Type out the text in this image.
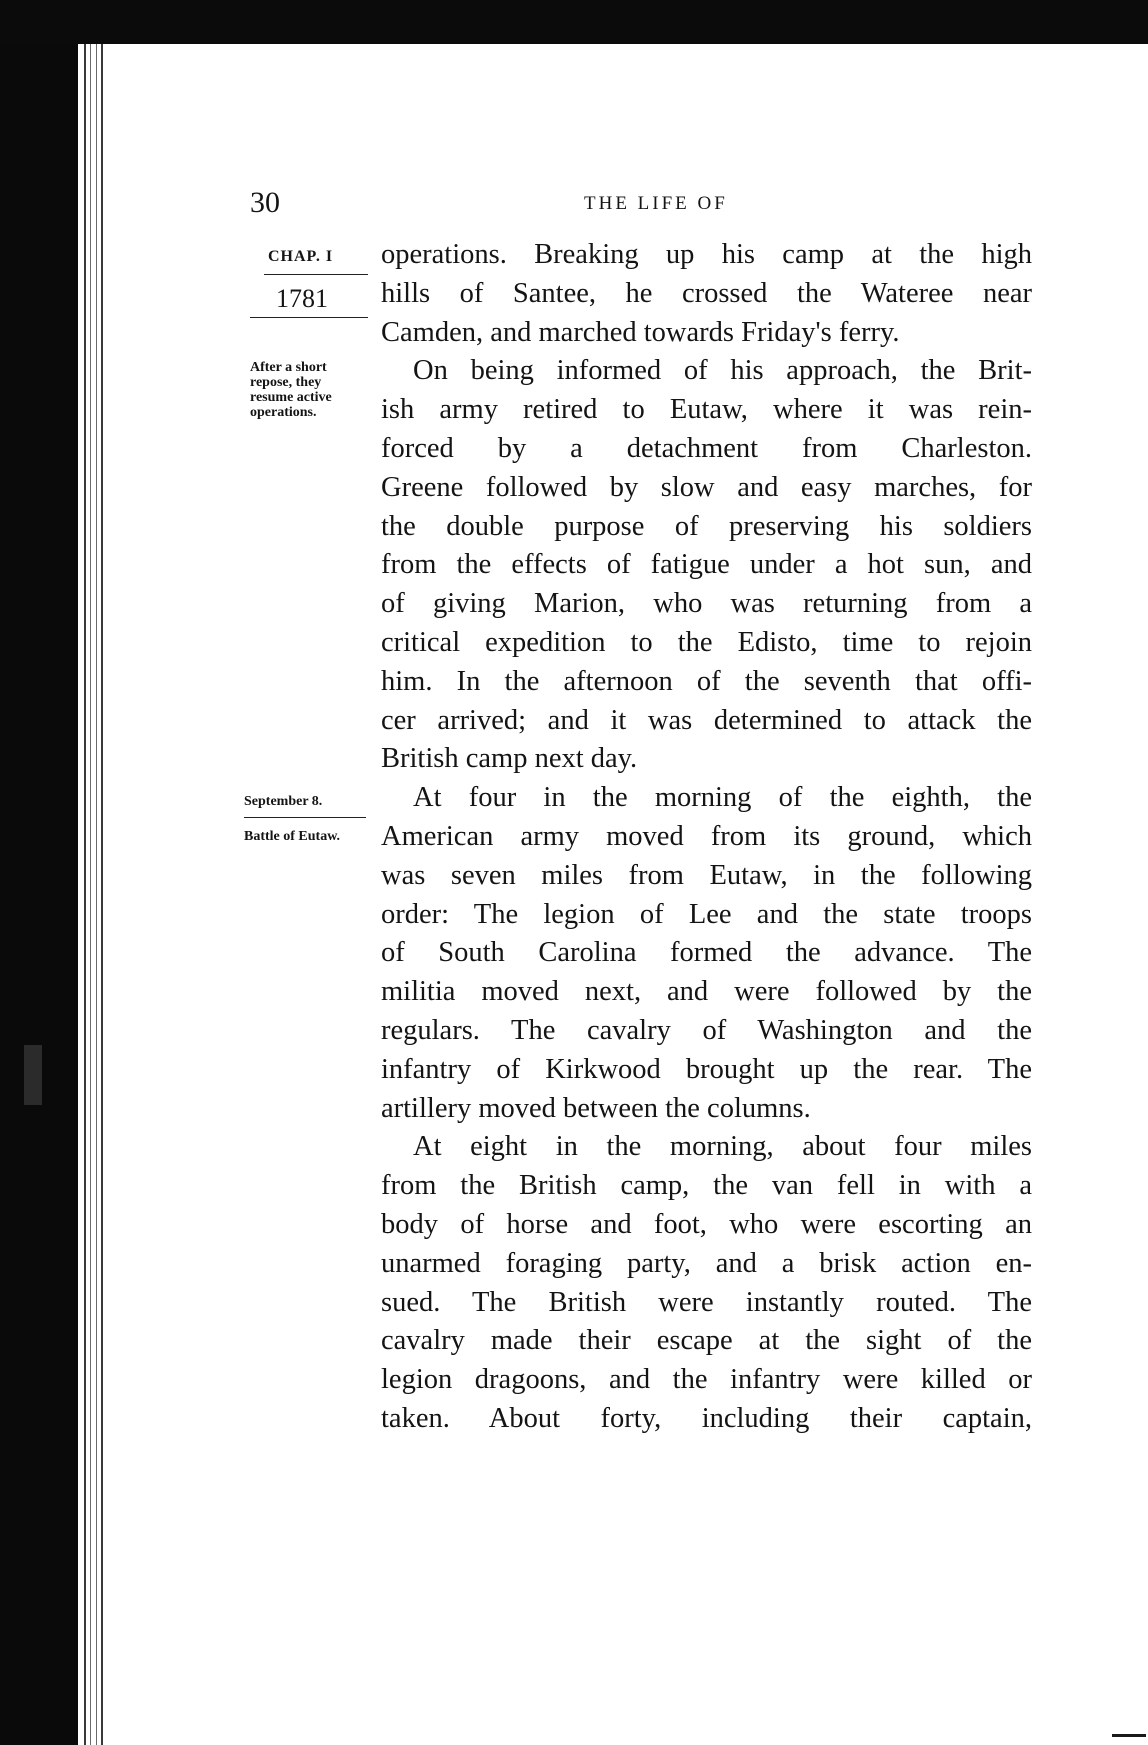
30	THE LIFE OF
CHAP. I
1781
After a short repose, they resume active operations.
September 8.
Battle of Eutaw.
operations. Breaking up his camp at the high
hills of Santee, he crossed the Wateree near
Camden, and marched towards Friday's ferry.
On being informed of his approach, the Brit-
ish army retired to Eutaw, where it was rein-
forced by a detachment from Charleston.
Greene followed by slow and easy marches, for
the double purpose of preserving his soldiers
from the effects of fatigue under a hot sun, and
of giving Marion, who was returning from a
critical expedition to the Edisto, time to rejoin
him. In the afternoon of the seventh that offi-
cer arrived; and it was determined to attack the
British camp next day.
At four in the morning of the eighth, the
American army moved from its ground, which
was seven miles from Eutaw, in the following
order: The legion of Lee and the state troops
of South Carolina formed the advance. The
militia moved next, and were followed by the
regulars. The cavalry of Washington and the
infantry of Kirkwood brought up the rear. The
artillery moved between the columns.
At eight in the morning, about four miles
from the British camp, the van fell in with a
body of horse and foot, who were escorting an
unarmed foraging party, and a brisk action en-
sued. The British were instantly routed. The
cavalry made their escape at the sight of the
legion dragoons, and the infantry were killed or
taken. About forty, including their captain,
